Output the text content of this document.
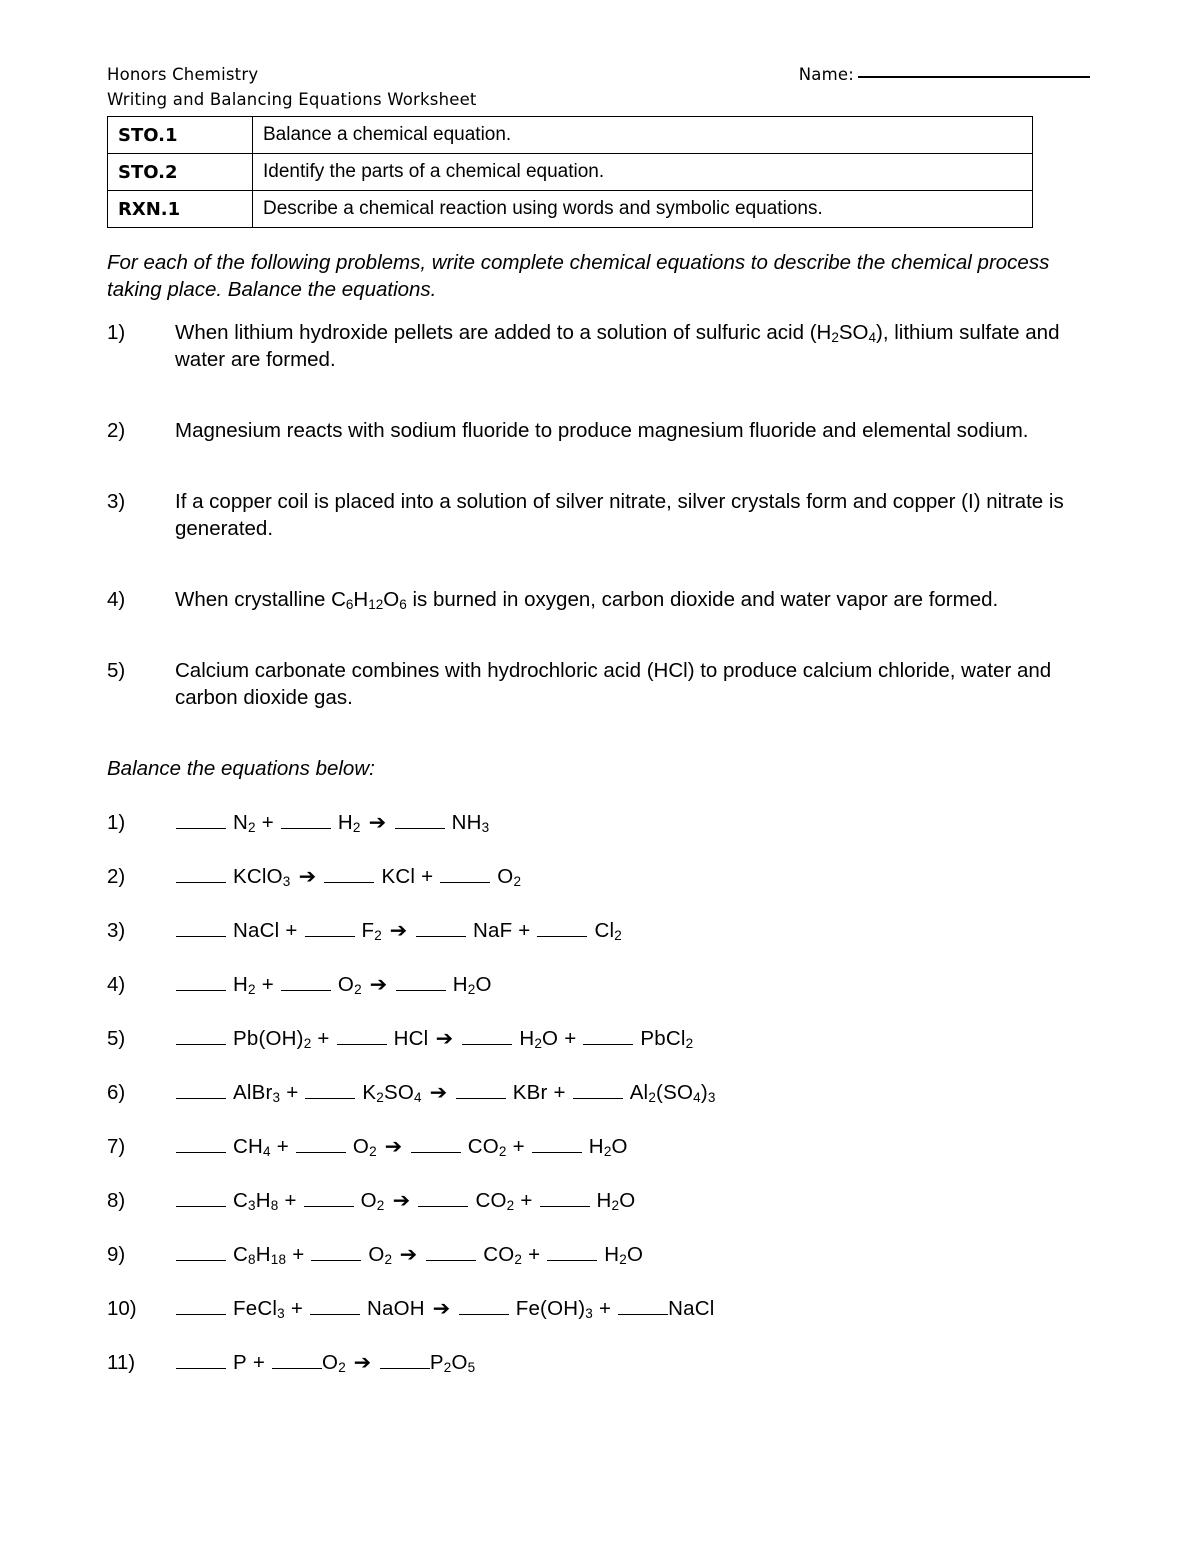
Honors Chemistry	Name:
Writing and Balancing Equations Worksheet
STO.1	Balance a chemical equation.
STO.2	Identify the parts of a chemical equation.
RXN.1	Describe a chemical reaction using words and symbolic equations.
For each of the following problems, write complete chemical equations to describe the chemical process taking place. Balance the equations.
1)	When lithium hydroxide pellets are added to a solution of sulfuric acid $(H_2SO_4)$, lithium sulfate and water are formed.
2)	Magnesium reacts with sodium fluoride to produce magnesium fluoride and elemental sodium.
3)	If a copper coil is placed into a solution of silver nitrate, silver crystals form and copper (I) nitrate is generated.
4)	When crystalline $C_6H_{12}O_6$ is burned in oxygen, carbon dioxide and water vapor are formed.
5)	Calcium carbonate combines with hydrochloric acid (HCl) to produce calcium chloride, water and carbon dioxide gas.
Balance the equations below:
1)	$N_2$ +	$H_2$ ➔	$NH_3$
2)	KClO$_3$ ➔	KCl +	$O_2$
3)	NaCl +	$F_2$ ➔	NaF +	$Cl_2$
4)	$H_2$ +	$O_2$ ➔	$H_2O$
5)	$Pb(OH)_2$ +	HCl ➔	$H_2O$ +	PbCl$_2$
6)	AlBr$_3$ +	$K_2SO_4$ ➔	KBr +	$Al_2(SO_4)_3$
7)	$CH_4$ +	$O_2$ ➔	$CO_2$ +	$H_2O$
8)	$C_3H_8$ +	$O_2$ ➔	$CO_2$ +	$H_2O$
9)	$C_8H_{18}$ +	$O_2$ ➔	$CO_2$ +	$H_2O$
10)	FeCl$_3$ +	NaOH ➔	$Fe(OH)_3$ +	NaCl
11)	P +	$O_2$ ➔	$P_2O_5$
